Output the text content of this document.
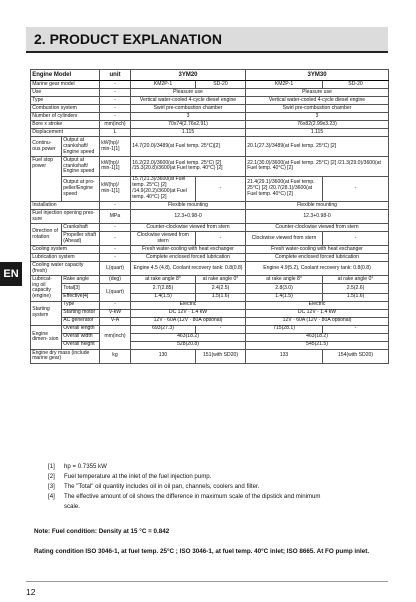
2. PRODUCT EXPLANATION
EN
Engine Model		unit	3YM20		3YM30	
Marine gear model		-	KM2P-1	SD-20	KM2P-1	SD-20
Use		-	Pleasure use		Pleasure use	
Type		-	Vertical water-cooled 4-cycle diesel engine		Vertical water-cooled 4-cycle diesel engine	
Combustion system		-	Swirl pre-combustion chamber		Swirl pre-combustion chamber	
Number of cylinders		-	3		3	
Bore x stroke		mm(inch)	70x74(2.76x2.91)		76x82(2.99x3.23)	
Displacement		L	1.115		1.115	
Continu- ous power	Output at crankshaft/ Engine speed	kW(hp)/ min-1[1]	14.7(20.0)/3489(at Fuel temp. 25°C)[2]		20.1(27.3)/3489(at Fuel temp. 25°C) [2]	
Fuel stop power	Output at crankshaft/ Engine speed	kW(hp)/ min-1[1]	16.2(22.0)/3600(at Fuel temp. 25°C) [2] /15.3(20.8)/3600(at Fuel temp. 40°C) [2]		22.1(30.0)/3600(at Fuel temp. 25°C) [2] /21.3(29.0)/3600(at Fuel temp. 40°C) [2]	
	Output at pro- peller/Engine speed	kW(hp)/ min-1[1]	15.7(21.3)/3600(at Fuel temp. 25°C) [2] /14.9(20.2)/3600(at Fuel temp. 40°C) [2]	-	21.4(29.1)/3600(at Fuel temp. 25°C) [2] /20.7(28.1)/3600(at Fuel temp. 40°C) [2]	-
Installation		-	Flexible mounting		Flexible mounting	
Fuel injection opening pres- sure		MPa	12.3+0.98-0		12.3+0.98-0	
Direction of rotation	Crankshaft	-	Counter-clockwise viewed from stern		Counter-clockwise viewed from stern	
	Propeller shaft (Ahead)	-	Clockwise viewed from stern	-	Clockwise viewed from stern	-
Cooling system		-	Fresh water-cooling with heat exchanger		Fresh water-cooling with heat exchanger	
Lubrication system		-	Complete enclosed forced lubrication		Complete enclosed forced lubrication	
Cooling water capacity (fresh)		L(quart)	Engine 4.5 (4.8), Coolant recovery tank: 0.8(0.8)		Engine 4.9(5.2), Coolant recovery tank: 0.8(0.8)	
Lubricat- ing oil capacity (engine)	Rake angle	(deg)	at rake angle 8°	at rake angle 0°	at rake angle 8°	at rake angle 0°
	Total[3]	L(quart)	2.7(2.85)	2.4(2.5)	2.8(3.0)	2.5(2.6)
	Effective[4]		1.4(1.5)	1.5(1.6)	1.4(1.5)	1.5(1.6)
Starting system	Type	-	Electric		Electric	
	Starting motor	V-kW	DC 12V · 1.4 kW		DC 12V · 1.4 kW	
	AC generator	V-A	12V · 60A (12V · 80A optional)		12V · 60A (12V · 80A optional)	
Engine dimen- sion	Overall length	mm(inch)	693(27.3)	-	715(28.1)	-
	Overall width		463(18.2)		463(18.2)	
	Overall height		528(20.8)		545(21.5)	
Engine dry mass (include marine gear)		kg	130	151(with SD20)	133	154(with SD20)
[1] hp = 0.7355 kW
[2] Fuel temperature at the inlet of the fuel injection pump.
[3] The "Total" oil quantity includes oil in oil pan, channels, coolers and filter.
[4] The effective amount of oil shows the difference in maximum scale of the dipstick and minimum
scale.
Note: Fuel condition: Density at 15 °C = 0.842
Rating condition ISO 3046-1, at fuel temp. 25°C ; ISO 3046-1, at fuel temp. 40°C inlet; ISO 8665. At FO pump inlet.
12
